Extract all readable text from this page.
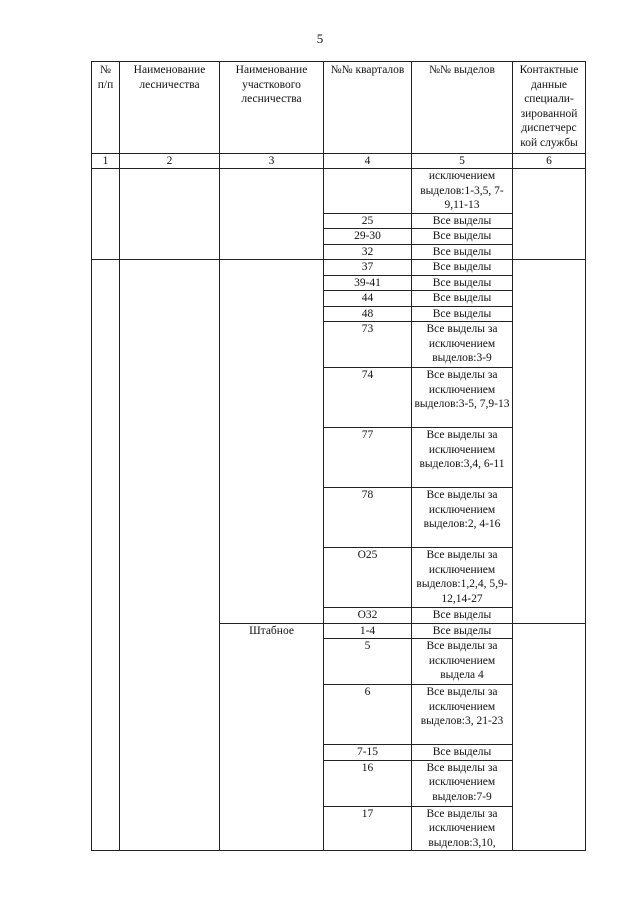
5
№ п/п	Наименование лесничества	Наименование участкового лесничества	№№ кварталов	№№ выделов	Контактные данные специали- зированной диспетчерс кой службы
1	2	3	4	5	6
				исключением выделов:1-3,5, 7-9,11-13	
			25	Все выделы	
			29-30	Все выделы	
			32	Все выделы	
			37	Все выделы	
			39-41	Все выделы	
			44	Все выделы	
			48	Все выделы	
			73	Все выделы за исключением выделов:3-9	
			74	Все выделы за исключением выделов:3-5, 7,9-13	
			77	Все выделы за исключением выделов:3,4, 6-11	
			78	Все выделы за исключением выделов:2, 4-16	
			О25	Все выделы за исключением выделов:1,2,4, 5,9-12,14-27	
			О32	Все выделы	
		Штабное	1-4	Все выделы	
			5	Все выделы за исключением выдела 4	
			6	Все выделы за исключением выделов:3, 21-23	
			7-15	Все выделы	
			16	Все выделы за исключением выделов:7-9	
			17	Все выделы за исключением выделов:3,10,	
